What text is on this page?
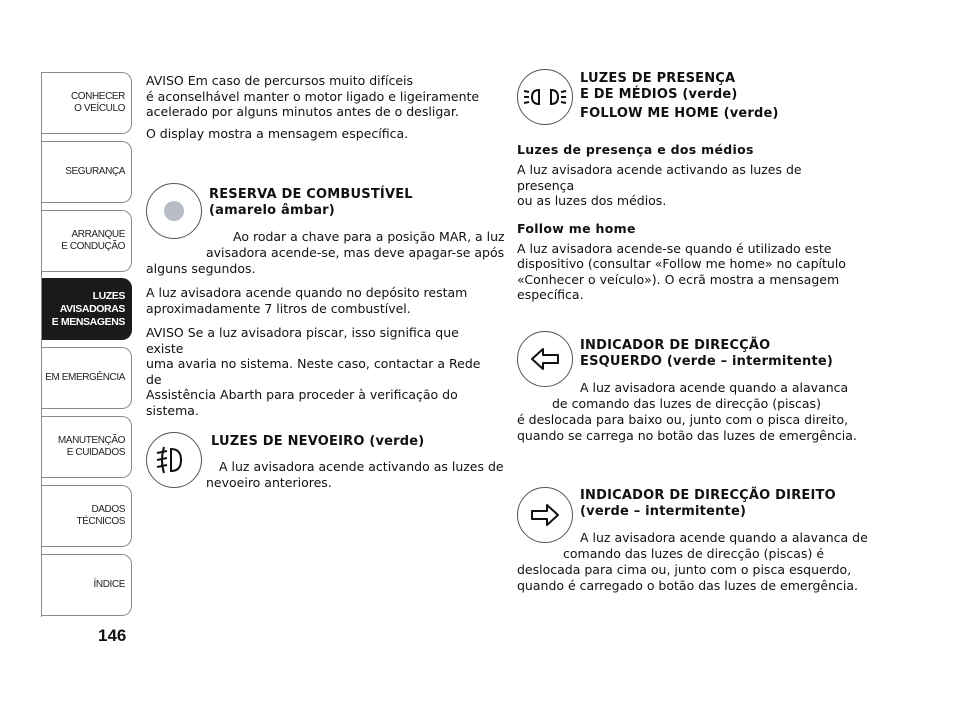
CONHECER
O VEÍCULO
SEGURANÇA
ARRANQUE
E CONDUÇÃO
LUZES
AVISADORAS
E MENSAGENS
EM EMERGÊNCIA
MANUTENÇÃO
E CUIDADOS
DADOS
TÉCNICOS
ÍNDICE
146

AVISO Em caso de percursos muito difíceis

é aconselhável manter o motor ligado e ligeiramente

acelerado por alguns minutos antes de o desligar.

O display mostra a mensagem específica.

RESERVA DE COMBUSTÍVEL

(amarelo âmbar)

Ao rodar a chave para a posição MAR, a luz

avisadora acende-se, mas deve apagar-se após

alguns segundos.

A luz avisadora acende quando no depósito restam

aproximadamente 7 litros de combustível.

AVISO Se a luz avisadora piscar, isso significa que existe

uma avaria no sistema. Neste caso, contactar a Rede de

Assistência Abarth para proceder à verificação do

sistema.

LUZES DE NEVOEIRO (verde)

A luz avisadora acende activando as luzes de

nevoeiro anteriores.

LUZES DE PRESENÇA

E DE MÉDIOS (verde)

FOLLOW ME HOME (verde)

Luzes de presença e dos médios

A luz avisadora acende activando as luzes de presença

ou as luzes dos médios.

Follow me home

A luz avisadora acende-se quando é utilizado este

dispositivo (consultar «Follow me home» no capítulo

«Conhecer o veículo»). O ecrã mostra a mensagem

específica.

INDICADOR DE DIRECÇÃO

ESQUERDO (verde – intermitente)

A luz avisadora acende quando a alavanca

de comando das luzes de direcção (piscas)

é deslocada para baixo ou, junto com o pisca direito,

quando se carrega no botão das luzes de emergência.

INDICADOR DE DIRECÇÃO DIREITO

(verde – intermitente)

A luz avisadora acende quando a alavanca de

comando das luzes de direcção (piscas) é

deslocada para cima ou, junto com o pisca esquerdo,

quando é carregado o botão das luzes de emergência.
